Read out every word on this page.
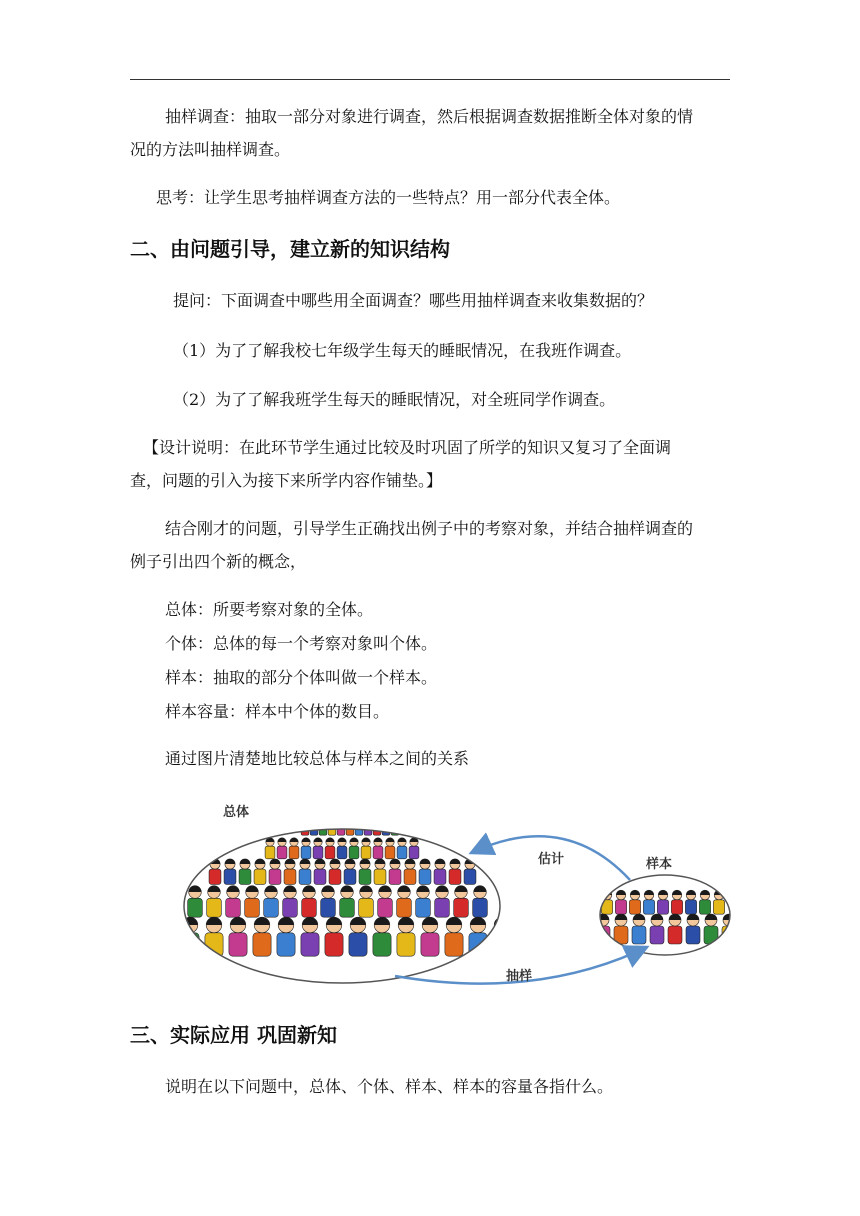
抽样调查：抽取一部分对象进行调查，然后根据调查数据推断全体对象的情
况的方法叫抽样调查。
思考：让学生思考抽样调查方法的一些特点？用一部分代表全体。
二、由问题引导，建立新的知识结构
提问：下面调查中哪些用全面调查？哪些用抽样调查来收集数据的？
（1）为了了解我校七年级学生每天的睡眠情况，在我班作调查。
（2）为了了解我班学生每天的睡眠情况，对全班同学作调查。
【设计说明：在此环节学生通过比较及时巩固了所学的知识又复习了全面调
查，问题的引入为接下来所学内容作铺垫。】
结合刚才的问题，引导学生正确找出例子中的考察对象，并结合抽样调查的
例子引出四个新的概念，
总体：所要考察对象的全体。
个体：总体的每一个考察对象叫个体。
样本：抽取的部分个体叫做一个样本。
样本容量：样本中个体的数目。
通过图片清楚地比较总体与样本之间的关系
总体
估计	样本
抽样
三、实际应用 巩固新知
说明在以下问题中，总体、个体、样本、样本的容量各指什么。
